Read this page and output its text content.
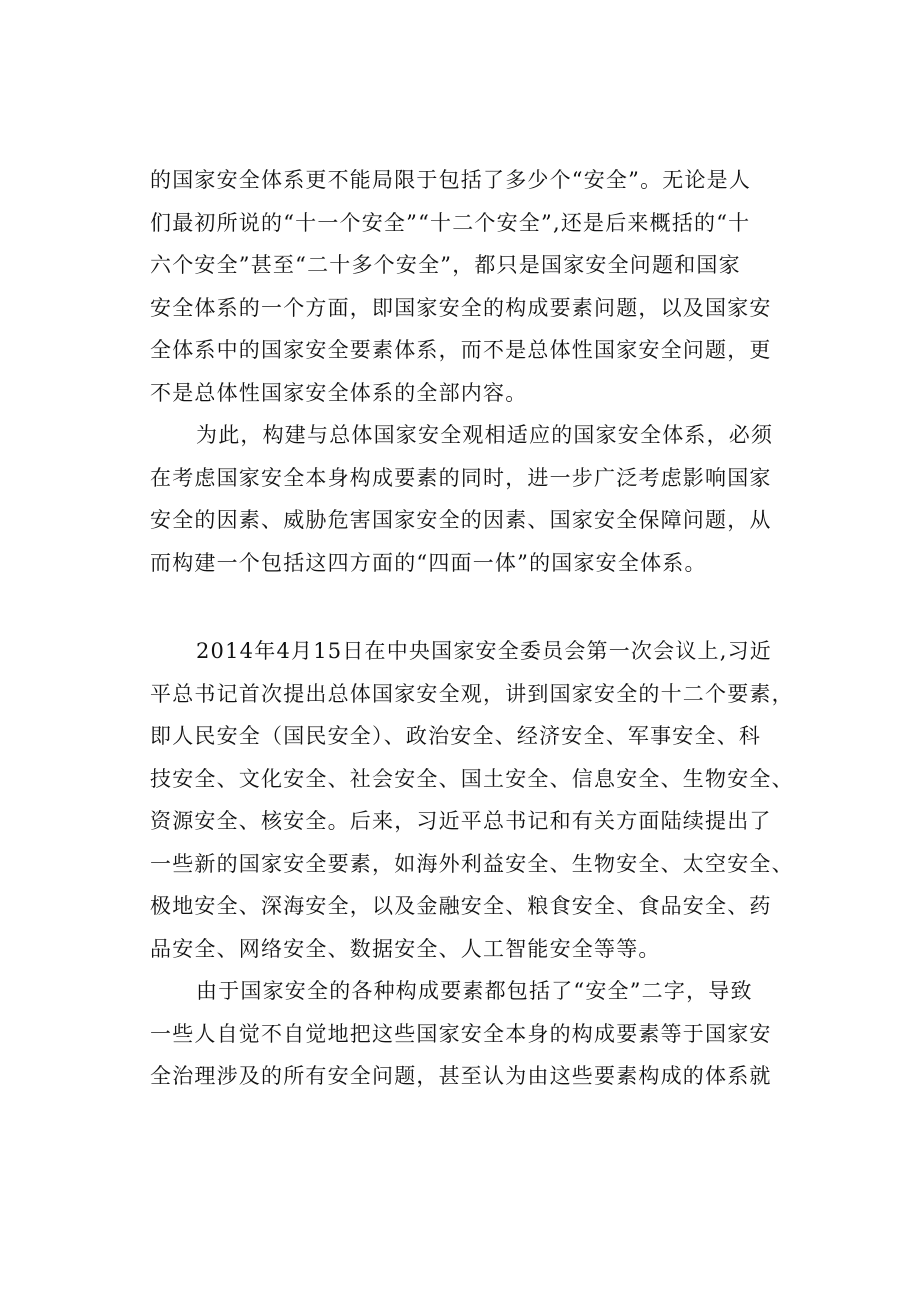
的国家安全体系更不能局限于包括了多少个“安全”。无论是人
们最初所说的“十一个安全”“十二个安全”,还是后来概括的“十
六个安全”甚至“二十多个安全”，都只是国家安全问题和国家
安全体系的一个方面，即国家安全的构成要素问题，以及国家安
全体系中的国家安全要素体系，而不是总体性国家安全问题，更
不是总体性国家安全体系的全部内容。
为此，构建与总体国家安全观相适应的国家安全体系，必须
在考虑国家安全本身构成要素的同时，进一步广泛考虑影响国家
安全的因素、威胁危害国家安全的因素、国家安全保障问题，从
而构建一个包括这四方面的“四面一体”的国家安全体系。
2014年4月15日在中央国家安全委员会第一次会议上,习近
平总书记首次提出总体国家安全观，讲到国家安全的十二个要素，
即人民安全（国民安全）、政治安全、经济安全、军事安全、科
技安全、文化安全、社会安全、国土安全、信息安全、生物安全、
资源安全、核安全。后来，习近平总书记和有关方面陆续提出了
一些新的国家安全要素，如海外利益安全、生物安全、太空安全、
极地安全、深海安全，以及金融安全、粮食安全、食品安全、药
品安全、网络安全、数据安全、人工智能安全等等。
由于国家安全的各种构成要素都包括了“安全”二字，导致
一些人自觉不自觉地把这些国家安全本身的构成要素等于国家安
全治理涉及的所有安全问题，甚至认为由这些要素构成的体系就
